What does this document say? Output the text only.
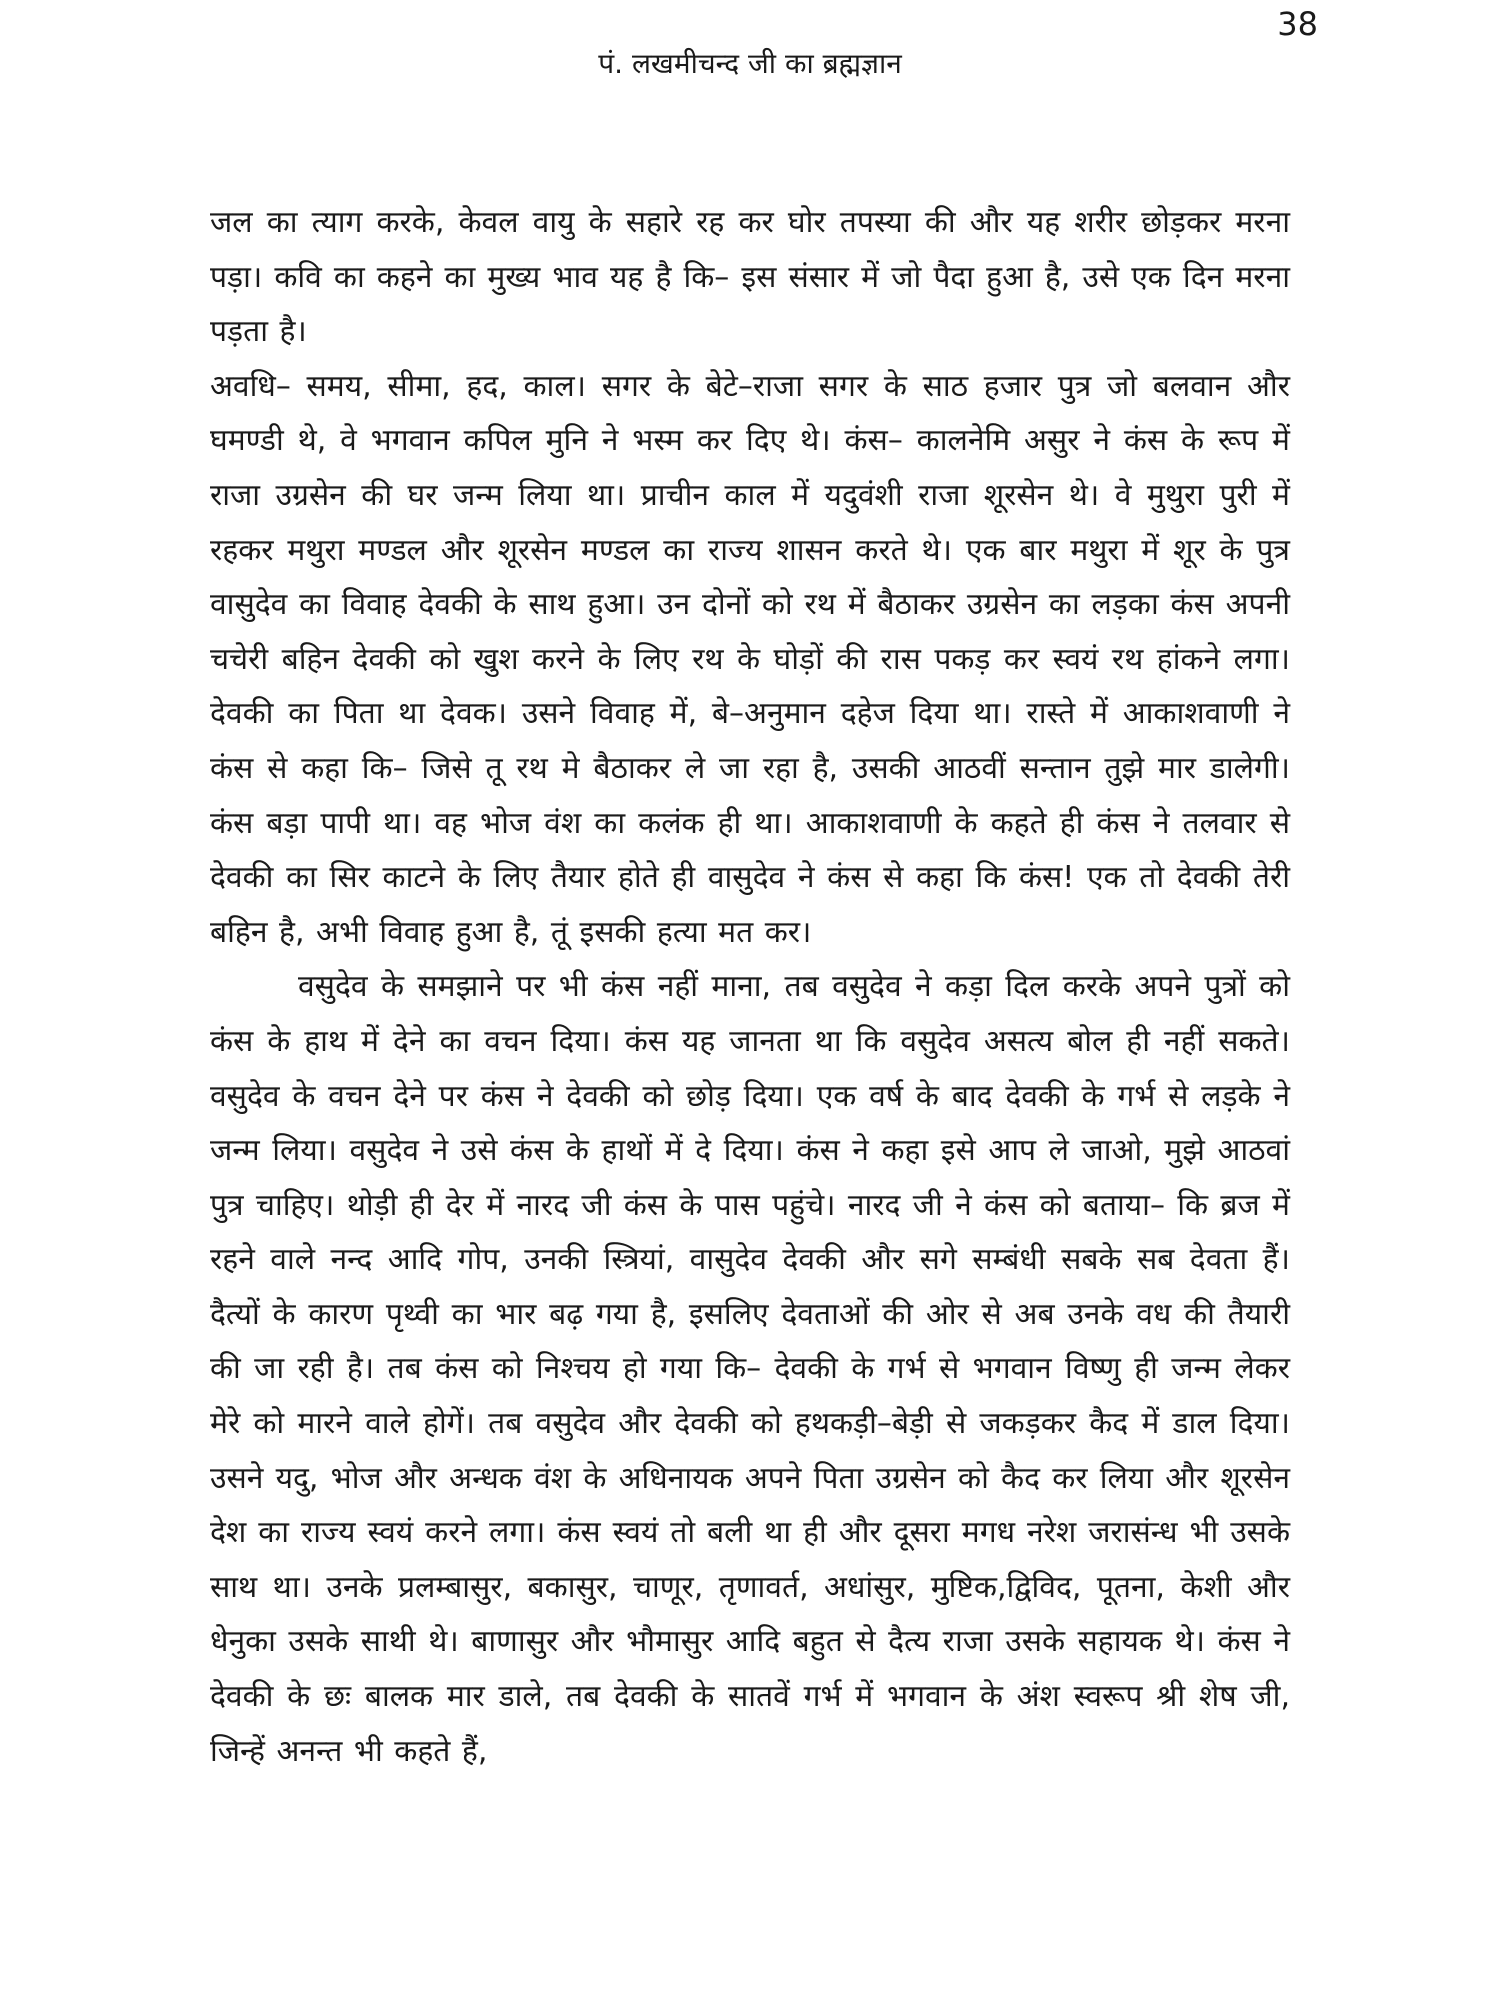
38
पं. लखमीचन्द जी का ब्रह्मज्ञान

जल का त्याग करके, केवल वायु के सहारे रह कर घोर तपस्या की और यह शरीर छोड़कर मरना पड़ा। कवि का कहने का मुख्य भाव यह है कि– इस संसार में जो पैदा हुआ है, उसे एक दिन मरना पड़ता है।

अवधि– समय, सीमा, हद, काल। सगर के बेटे–राजा सगर के साठ हजार पुत्र जो बलवान और घमण्डी थे, वे भगवान कपिल मुनि ने भस्म कर दिए थे। कंस– कालनेमि असुर ने कंस के रूप में राजा उग्रसेन की घर जन्म लिया था। प्राचीन काल में यदुवंशी राजा शूरसेन थे। वे मुथुरा पुरी में रहकर मथुरा मण्डल और शूरसेन मण्डल का राज्य शासन करते थे। एक बार मथुरा में शूर के पुत्र वासुदेव का विवाह देवकी के साथ हुआ। उन दोनों को रथ में बैठाकर उग्रसेन का लड़का कंस अपनी चचेरी बहिन देवकी को खुश करने के लिए रथ के घोड़ों की रास पकड़ कर स्वयं रथ हांकने लगा। देवकी का पिता था देवक। उसने विवाह में, बे–अनुमान दहेज दिया था। रास्ते में आकाशवाणी ने कंस से कहा कि– जिसे तू रथ मे बैठाकर ले जा रहा है, उसकी आठवीं सन्तान तुझे मार डालेगी। कंस बड़ा पापी था। वह भोज वंश का कलंक ही था। आकाशवाणी के कहते ही कंस ने तलवार से देवकी का सिर काटने के लिए तैयार होते ही वासुदेव ने कंस से कहा कि कंस! एक तो देवकी तेरी बहिन है, अभी विवाह हुआ है, तूं इसकी हत्या मत कर।

वसुदेव के समझाने पर भी कंस नहीं माना, तब वसुदेव ने कड़ा दिल करके अपने पुत्रों को कंस के हाथ में देने का वचन दिया। कंस यह जानता था कि वसुदेव असत्य बोल ही नहीं सकते। वसुदेव के वचन देने पर कंस ने देवकी को छोड़ दिया। एक वर्ष के बाद देवकी के गर्भ से लड़के ने जन्म लिया। वसुदेव ने उसे कंस के हाथों में दे दिया। कंस ने कहा इसे आप ले जाओ, मुझे आठवां पुत्र चाहिए। थोड़ी ही देर में नारद जी कंस के पास पहुंचे। नारद जी ने कंस को बताया– कि ब्रज में रहने वाले नन्द आदि गोप, उनकी स्त्रियां, वासुदेव देवकी और सगे सम्बंधी सबके सब देवता हैं। दैत्यों के कारण पृथ्वी का भार बढ़ गया है, इसलिए देवताओं की ओर से अब उनके वध की तैयारी की जा रही है। तब कंस को निश्चय हो गया कि– देवकी के गर्भ से भगवान विष्णु ही जन्म लेकर मेरे को मारने वाले होगें। तब वसुदेव और देवकी को हथकड़ी–बेड़ी से जकड़कर कैद में डाल दिया। उसने यदु, भोज और अन्धक वंश के अधिनायक अपने पिता उग्रसेन को कैद कर लिया और शूरसेन देश का राज्य स्वयं करने लगा। कंस स्वयं तो बली था ही और दूसरा मगध नरेश जरासंन्ध भी उसके साथ था। उनके प्रलम्बासुर, बकासुर, चाणूर, तृणावर्त, अधांसुर, मुष्टिक,द्विविद, पूतना, केशी और धेनुका उसके साथी थे। बाणासुर और भौमासुर आदि बहुत से दैत्य राजा उसके सहायक थे। कंस ने देवकी के छः बालक मार डाले, तब देवकी के सातवें गर्भ में भगवान के अंश स्वरूप श्री शेष जी, जिन्हें अनन्त भी कहते हैं,
